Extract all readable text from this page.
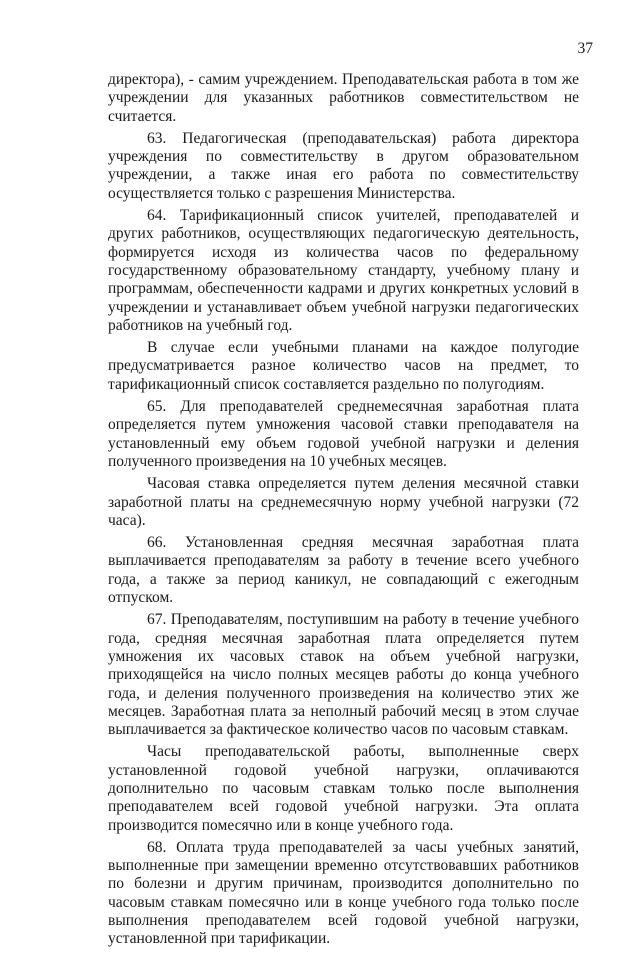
37

директора), - самим учреждением. Преподавательская работа в том же учреждении для указанных работников совместительством не считается.

63. Педагогическая (преподавательская) работа директора учреждения по совместительству в другом образовательном учреждении, а также иная его работа по совместительству осуществляется только с разрешения Министерства.

64. Тарификационный список учителей, преподавателей и других работников, осуществляющих педагогическую деятельность, формируется исходя из количества часов по федеральному государственному образовательному стандарту, учебному плану и программам, обеспеченности кадрами и других конкретных условий в учреждении и устанавливает объем учебной нагрузки педагогических работников на учебный год.

В случае если учебными планами на каждое полугодие предусматривается разное количество часов на предмет, то тарификационный список составляется раздельно по полугодиям.

65. Для преподавателей среднемесячная заработная плата определяется путем умножения часовой ставки преподавателя на установленный ему объем годовой учебной нагрузки и деления полученного произведения на 10 учебных месяцев.

Часовая ставка определяется путем деления месячной ставки заработной платы на среднемесячную норму учебной нагрузки (72 часа).

66. Установленная средняя месячная заработная плата выплачивается преподавателям за работу в течение всего учебного года, а также за период каникул, не совпадающий с ежегодным отпуском.

67. Преподавателям, поступившим на работу в течение учебного года, средняя месячная заработная плата определяется путем умножения их часовых ставок на объем учебной нагрузки, приходящейся на число полных месяцев работы до конца учебного года, и деления полученного произведения на количество этих же месяцев. Заработная плата за неполный рабочий месяц в этом случае выплачивается за фактическое количество часов по часовым ставкам.

Часы преподавательской работы, выполненные сверх установленной годовой учебной нагрузки, оплачиваются дополнительно по часовым ставкам только после выполнения преподавателем всей годовой учебной нагрузки. Эта оплата производится помесячно или в конце учебного года.

68. Оплата труда преподавателей за часы учебных занятий, выполненные при замещении временно отсутствовавших работников по болезни и другим причинам, производится дополнительно по часовым ставкам помесячно или в конце учебного года только после выполнения преподавателем всей годовой учебной нагрузки, установленной при тарификации.
